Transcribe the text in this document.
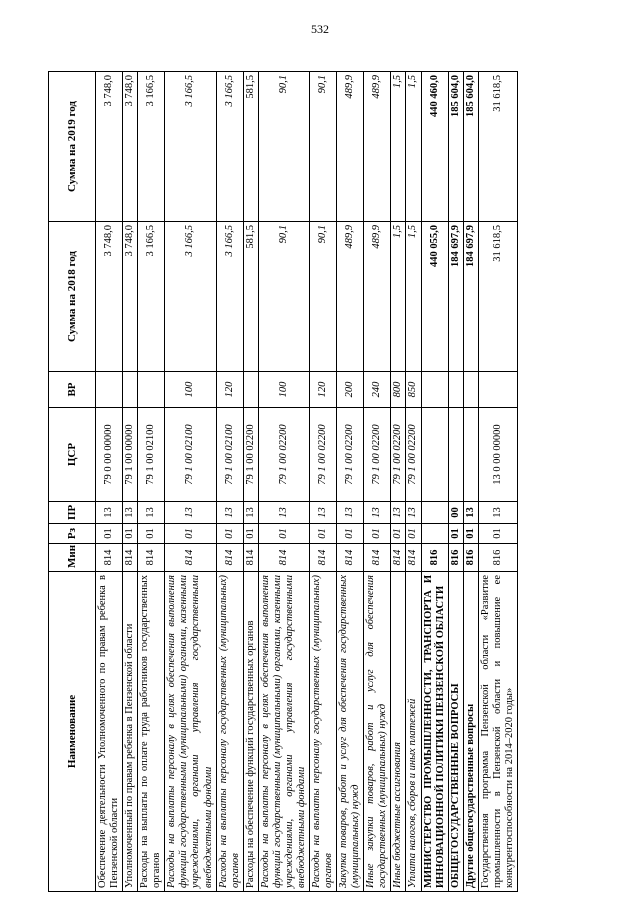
532
Наименование	Мин	Рз	ПР	ЦСР	ВР	Сумма на 2018 год	Сумма на 2019 год
Обеспечение деятельности Уполномоченного по правам ребенка в Пензенской области	814	01	13	79 0 00 00000		3 748,0	3 748,0
Уполномоченный по правам ребенка в Пензенской области	814	01	13	79 1 00 00000		3 748,0	3 748,0
Расходы на выплаты по оплате труда работников государственных органов	814	01	13	79 1 00 02100		3 166,5	3 166,5
Расходы на выплаты персоналу в целях обеспечения выполнения функций государственными (муниципальными) органами, казенными учреждениями, органами управления государственными внебюджетными фондами	814	01	13	79 1 00 02100	100	3 166,5	3 166,5
Расходы на выплаты персоналу государственных (муниципальных) органов	814	01	13	79 1 00 02100	120	3 166,5	3 166,5
Расходы на обеспечение функций государственных органов	814	01	13	79 1 00 02200		581,5	581,5
Расходы на выплаты персоналу в целях обеспечения выполнения функций государственными (муниципальными) органами, казенными учреждениями, органами управления государственными внебюджетными фондами	814	01	13	79 1 00 02200	100	90,1	90,1
Расходы на выплаты персоналу государственных (муниципальных) органов	814	01	13	79 1 00 02200	120	90,1	90,1
Закупка товаров, работ и услуг для обеспечения государственных (муниципальных) нужд	814	01	13	79 1 00 02200	200	489,9	489,9
Иные закупки товаров, работ и услуг для обеспечения государственных (муниципальных) нужд	814	01	13	79 1 00 02200	240	489,9	489,9
Иные бюджетные ассигнования	814	01	13	79 1 00 02200	800	1,5	1,5
Уплата налогов, сборов и иных платежей	814	01	13	79 1 00 02200	850	1,5	1,5
МИНИСТЕРСТВО ПРОМЫШЛЕННОСТИ, ТРАНСПОРТА И ИННОВАЦИОННОЙ ПОЛИТИКИ ПЕНЗЕНСКОЙ ОБЛАСТИ	816					440 055,0	440 460,0
ОБЩЕГОСУДАРСТВЕННЫЕ ВОПРОСЫ	816	01	00			184 697,9	185 604,0
Другие общегосударственные вопросы	816	01	13			184 697,9	185 604,0
Государственная программа Пензенской области «Развитие промышленности в Пензенской области и повышение ее конкурентоспособности на 2014–2020 годы»	816	01	13	13 0 00 00000		31 618,5	31 618,5
